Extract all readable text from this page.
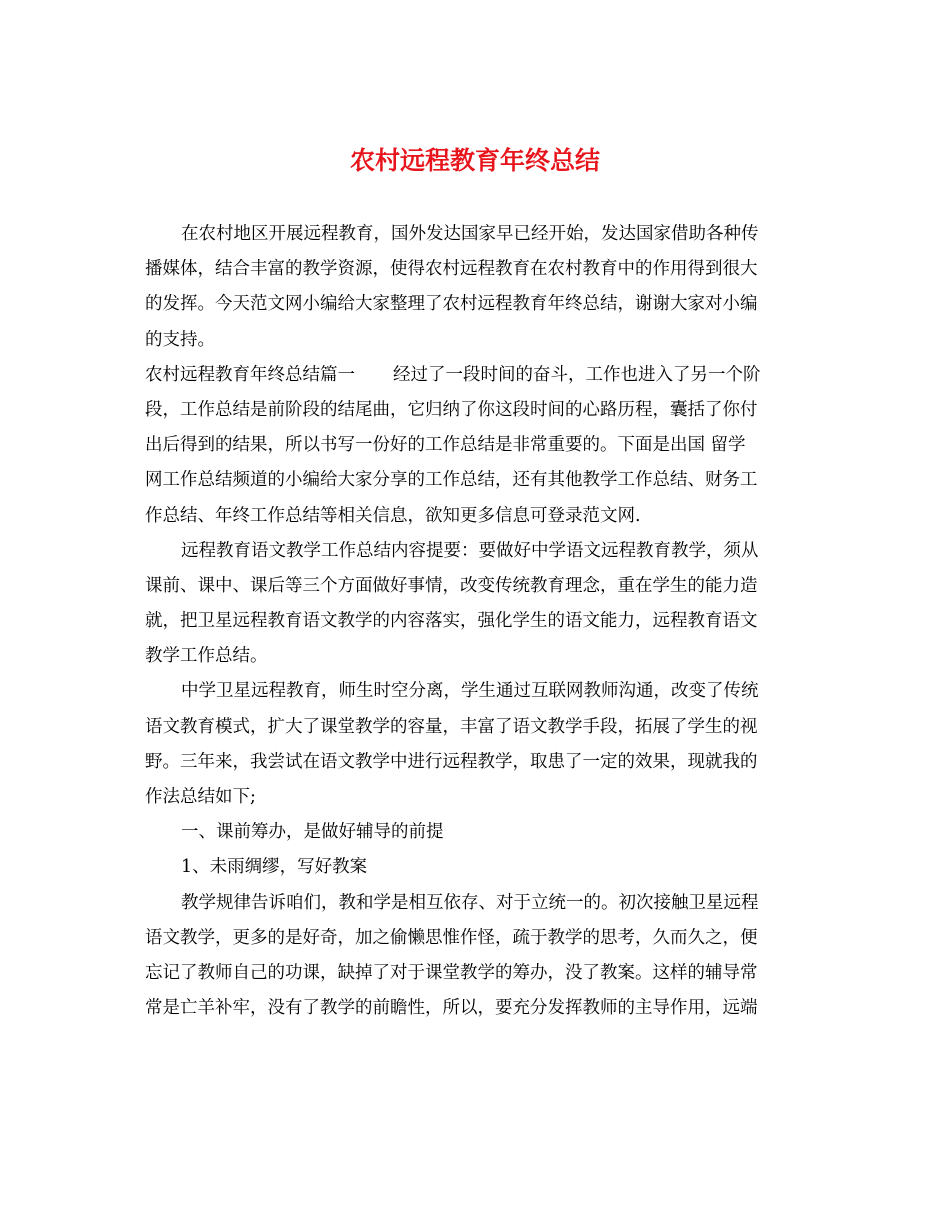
农村远程教育年终总结
在农村地区开展远程教育，国外发达国家早已经开始，发达国家借助各种传
播媒体，结合丰富的教学资源，使得农村远程教育在农村教育中的作用得到很大
的发挥。今天范文网小编给大家整理了农村远程教育年终总结，谢谢大家对小编
的支持。
农村远程教育年终总结篇一 经过了一段时间的奋斗，工作也进入了另一个阶
段，工作总结是前阶段的结尾曲，它归纳了你这段时间的心路历程，囊括了你付
出后得到的结果，所以书写一份好的工作总结是非常重要的。下面是出国 留学
网工作总结频道的小编给大家分享的工作总结，还有其他教学工作总结、财务工
作总结、年终工作总结等相关信息，欲知更多信息可登录范文网.
远程教育语文教学工作总结内容提要：要做好中学语文远程教育教学，须从
课前、课中、课后等三个方面做好事情，改变传统教育理念，重在学生的能力造
就，把卫星远程教育语文教学的内容落实，强化学生的语文能力，远程教育语文
教学工作总结。
中学卫星远程教育，师生时空分离，学生通过互联网教师沟通，改变了传统
语文教育模式，扩大了课堂教学的容量，丰富了语文教学手段，拓展了学生的视
野。三年来，我尝试在语文教学中进行远程教学，取患了一定的效果，现就我的
作法总结如下;
一、课前筹办，是做好辅导的前提
1、未雨绸缪，写好教案
教学规律告诉咱们，教和学是相互依存、对于立统一的。初次接触卫星远程
语文教学，更多的是好奇，加之偷懒思惟作怪，疏于教学的思考，久而久之，便
忘记了教师自己的功课，缺掉了对于课堂教学的筹办，没了教案。这样的辅导常
常是亡羊补牢，没有了教学的前瞻性，所以，要充分发挥教师的主导作用，远端
